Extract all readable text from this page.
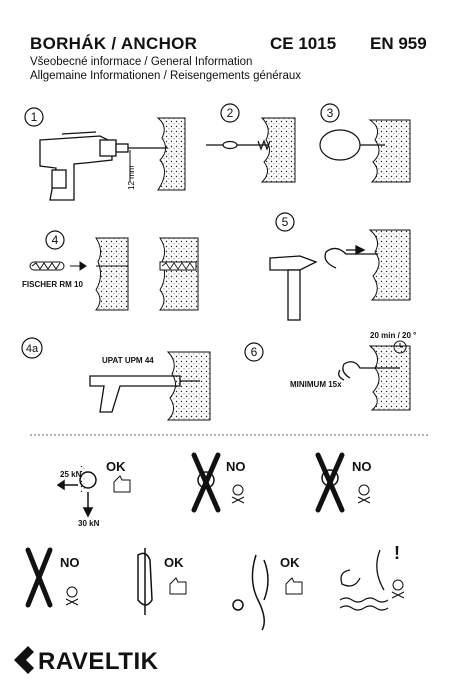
BORHÁK / ANCHOR	CE 1015 EN 959
Všeobecné informace / General Information
Allgemaine Informationen / Reisengements généraux
1	2	3
4
5
4a	6
12 mm
FISCHER RM 10
UPAT UPM 44
20 min / 20 °
MINIMUM 15x
25 kN
30 kN
OK	NO	NO
NO	OK	OK	!
RAVELTIK
